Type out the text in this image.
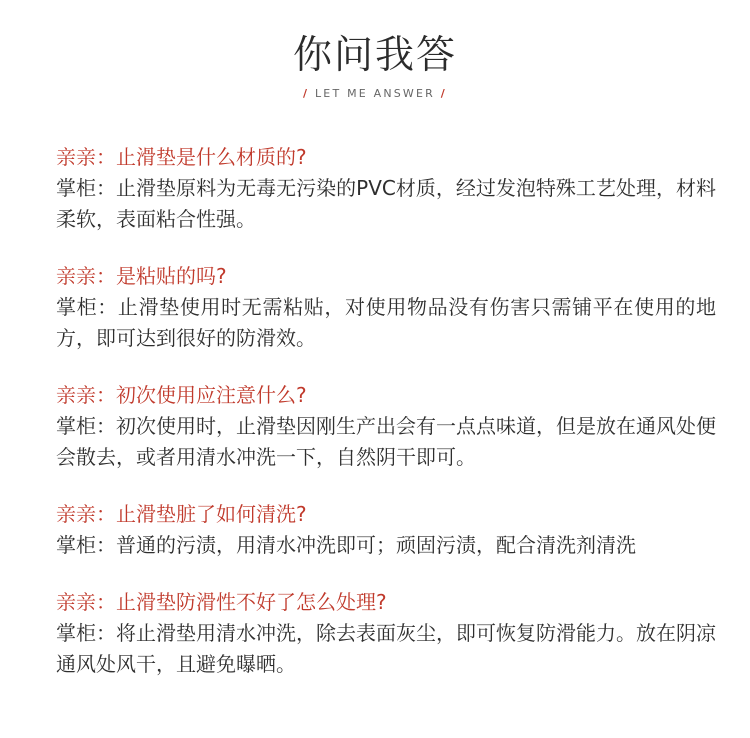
你问我答
/ LET ME ANSWER /

亲亲：止滑垫是什么材质的?

掌柜：止滑垫原料为无毒无污染的PVC材质，经过发泡特殊工艺处理，材料柔软，表面粘合性强。

亲亲：是粘贴的吗?

掌柜：止滑垫使用时无需粘贴，对使用物品没有伤害只需铺平在使用的地方，即可达到很好的防滑效。

亲亲：初次使用应注意什么?

掌柜：初次使用时，止滑垫因刚生产出会有一点点味道，但是放在通风处便会散去，或者用清水冲洗一下，自然阴干即可。

亲亲：止滑垫脏了如何清洗?

掌柜：普通的污渍，用清水冲洗即可；顽固污渍，配合清洗剂清洗

亲亲：止滑垫防滑性不好了怎么处理?

掌柜：将止滑垫用清水冲洗，除去表面灰尘，即可恢复防滑能力。放在阴凉通风处风干，且避免曝晒。
